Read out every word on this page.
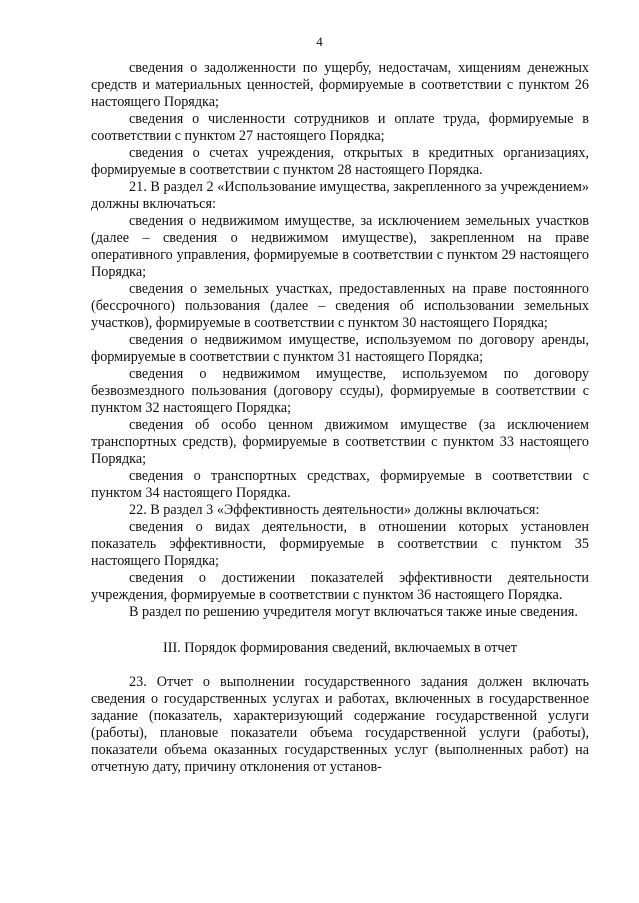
4

сведения о задолженности по ущербу, недостачам, хищениям денежных средств и материальных ценностей, формируемые в соответствии с пунктом 26 настоящего Порядка;

сведения о численности сотрудников и оплате труда, формируемые в соответствии с пунктом 27 настоящего Порядка;

сведения о счетах учреждения, открытых в кредитных организациях, формируемые в соответствии с пунктом 28 настоящего Порядка.

21. В раздел 2 «Использование имущества, закрепленного за учреждением» должны включаться:

сведения о недвижимом имуществе, за исключением земельных участков (далее – сведения о недвижимом имуществе), закрепленном на праве оперативного управления, формируемые в соответствии с пунктом 29 настоящего Порядка;

сведения о земельных участках, предоставленных на праве постоянного (бессрочного) пользования (далее – сведения об использовании земельных участков), формируемые в соответствии с пунктом 30 настоящего Порядка;

сведения о недвижимом имуществе, используемом по договору аренды, формируемые в соответствии с пунктом 31 настоящего Порядка;

сведения о недвижимом имуществе, используемом по договору безвозмездного пользования (договору ссуды), формируемые в соответствии с пунктом 32 настоящего Порядка;

сведения об особо ценном движимом имуществе (за исключением транспортных средств), формируемые в соответствии с пунктом 33 настоящего Порядка;

сведения о транспортных средствах, формируемые в соответствии с пунктом 34 настоящего Порядка.

22. В раздел 3 «Эффективность деятельности» должны включаться:

сведения о видах деятельности, в отношении которых установлен показатель эффективности, формируемые в соответствии с пунктом 35 настоящего Порядка;

сведения о достижении показателей эффективности деятельности учреждения, формируемые в соответствии с пунктом 36 настоящего Порядка.

В раздел по решению учредителя могут включаться также иные сведения.

III. Порядок формирования сведений, включаемых в отчет

23. Отчет о выполнении государственного задания должен включать сведения о государственных услугах и работах, включенных в государственное задание (показатель, характеризующий содержание государственной услуги (работы), плановые показатели объема государственной услуги (работы), показатели объема оказанных государственных услуг (выполненных работ) на отчетную дату, причину отклонения от установ-
